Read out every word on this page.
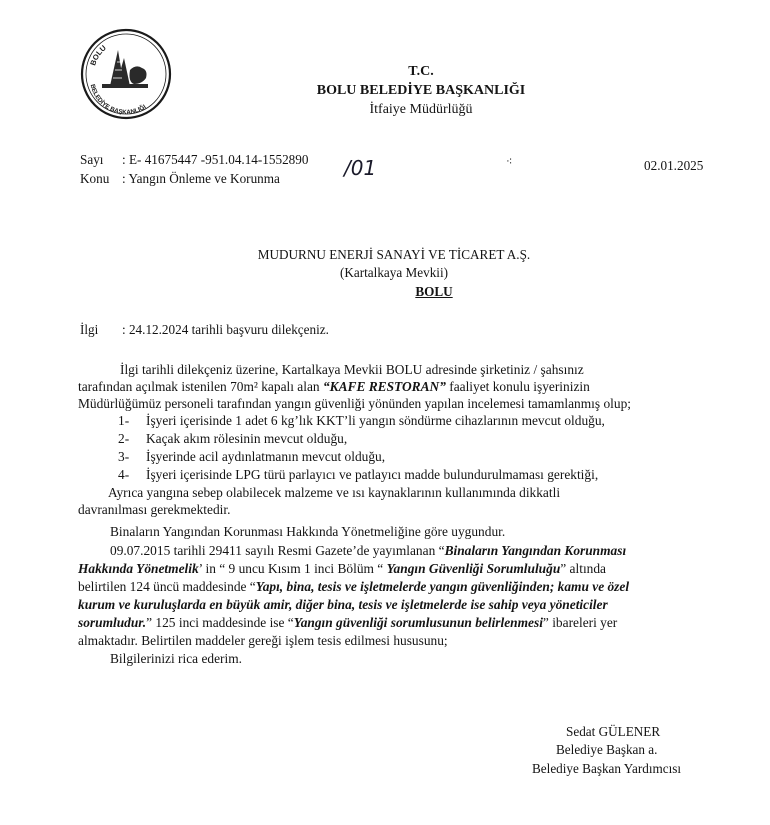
BOLU
BELEDİYE BAŞKANLIĞI
T.C.
BOLU BELEDİYE BAŞKANLIĞI
İtfaiye Müdürlüğü
Sayı : E- 41675447 -951.04.14-1552890 /01	⁖	02.01.2025
Konu : Yangın Önleme ve Korunma
MUDURNU ENERJİ SANAYİ VE TİCARET A.Ş.
(Kartalkaya Mevkii)
BOLU
İlgi : 24.12.2024 tarihli başvuru dilekçeniz.
İlgi tarihli dilekçeniz üzerine, Kartalkaya Mevkii BOLU adresinde şirketiniz / şahsınız
tarafından açılmak istenilen 70m² kapalı alan “KAFE RESTORAN” faaliyet konulu işyerinizin
Müdürlüğümüz personeli tarafından yangın güvenliği yönünden yapılan incelemesi tamamlanmış olup;
1- İşyeri içerisinde 1 adet 6 kg’lık KKT’li yangın söndürme cihazlarının mevcut olduğu,
2- Kaçak akım rölesinin mevcut olduğu,
3- İşyerinde acil aydınlatmanın mevcut olduğu,
4- İşyeri içerisinde LPG türü parlayıcı ve patlayıcı madde bulundurulmaması gerektiği,
Ayrıca yangına sebep olabilecek malzeme ve ısı kaynaklarının kullanımında dikkatli
davranılması gerekmektedir.
Binaların Yangından Korunması Hakkında Yönetmeliğine göre uygundur.
09.07.2015 tarihli 29411 sayılı Resmi Gazete’de yayımlanan “Binaların Yangından Korunması
Hakkında Yönetmelik’ in “ 9 uncu Kısım 1 inci Bölüm “ Yangın Güvenliği Sorumluluğu” altında
belirtilen 124 üncü maddesinde “Yapı, bina, tesis ve işletmelerde yangın güvenliğinden; kamu ve özel
kurum ve kuruluşlarda en büyük amir, diğer bina, tesis ve işletmelerde ise sahip veya yöneticiler
sorumludur.” 125 inci maddesinde ise “Yangın güvenliği sorumlusunun belirlenmesi” ibareleri yer
almaktadır. Belirtilen maddeler gereği işlem tesis edilmesi hususunu;
Bilgilerinizi rica ederim.
Sedat GÜLENER
Belediye Başkan a.
Belediye Başkan Yardımcısı
